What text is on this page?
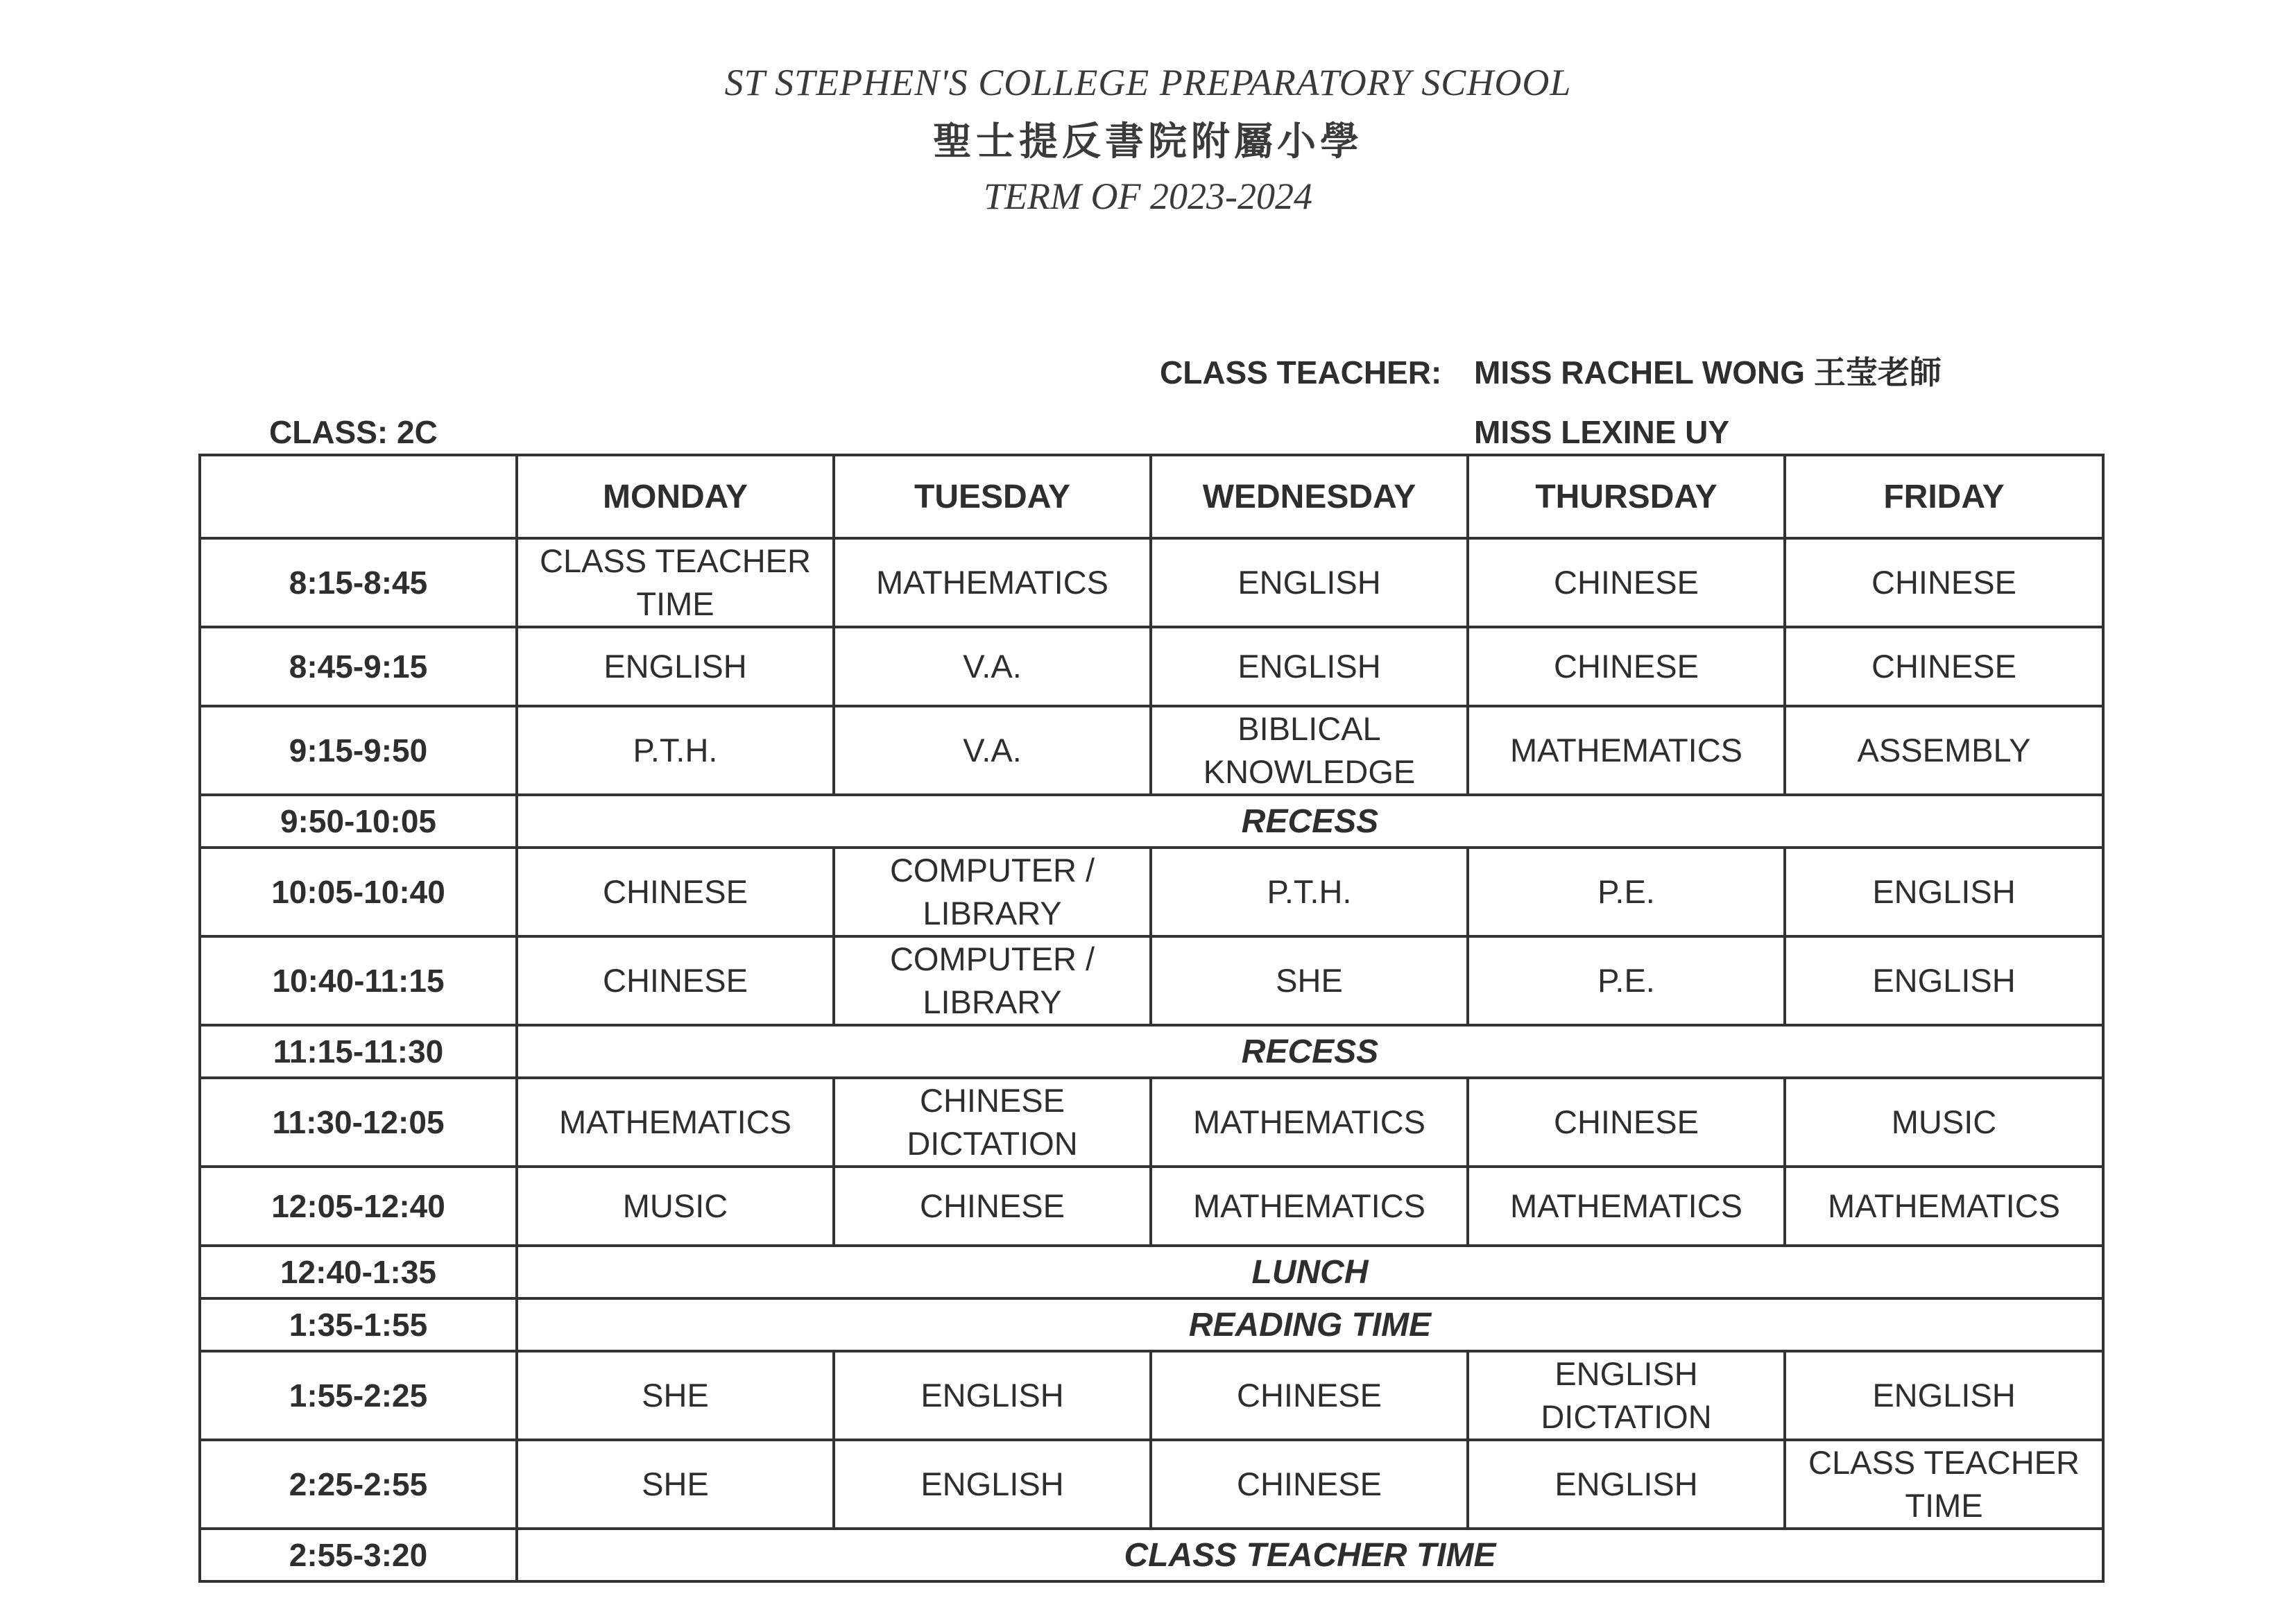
ST STEPHEN'S COLLEGE PREPARATORY SCHOOL
聖士提反書院附屬小學
TERM OF 2023-2024
CLASS TEACHER: MISS RACHEL WONG 王莹老師
MISS LEXINE UY
CLASS: 2C
	MONDAY	TUESDAY	WEDNESDAY	THURSDAY	FRIDAY
8:15-8:45	CLASS TEACHER TIME	MATHEMATICS	ENGLISH	CHINESE	CHINESE
8:45-9:15	ENGLISH	V.A.	ENGLISH	CHINESE	CHINESE
9:15-9:50	P.T.H.	V.A.	BIBLICAL KNOWLEDGE	MATHEMATICS	ASSEMBLY
9:50-10:05	RECESS				
10:05-10:40	CHINESE	COMPUTER / LIBRARY	P.T.H.	P.E.	ENGLISH
10:40-11:15	CHINESE	COMPUTER / LIBRARY	SHE	P.E.	ENGLISH
11:15-11:30	RECESS				
11:30-12:05	MATHEMATICS	CHINESE DICTATION	MATHEMATICS	CHINESE	MUSIC
12:05-12:40	MUSIC	CHINESE	MATHEMATICS	MATHEMATICS	MATHEMATICS
12:40-1:35	LUNCH				
1:35-1:55	READING TIME				
1:55-2:25	SHE	ENGLISH	CHINESE	ENGLISH DICTATION	ENGLISH
2:25-2:55	SHE	ENGLISH	CHINESE	ENGLISH	CLASS TEACHER TIME
2:55-3:20	CLASS TEACHER TIME				
